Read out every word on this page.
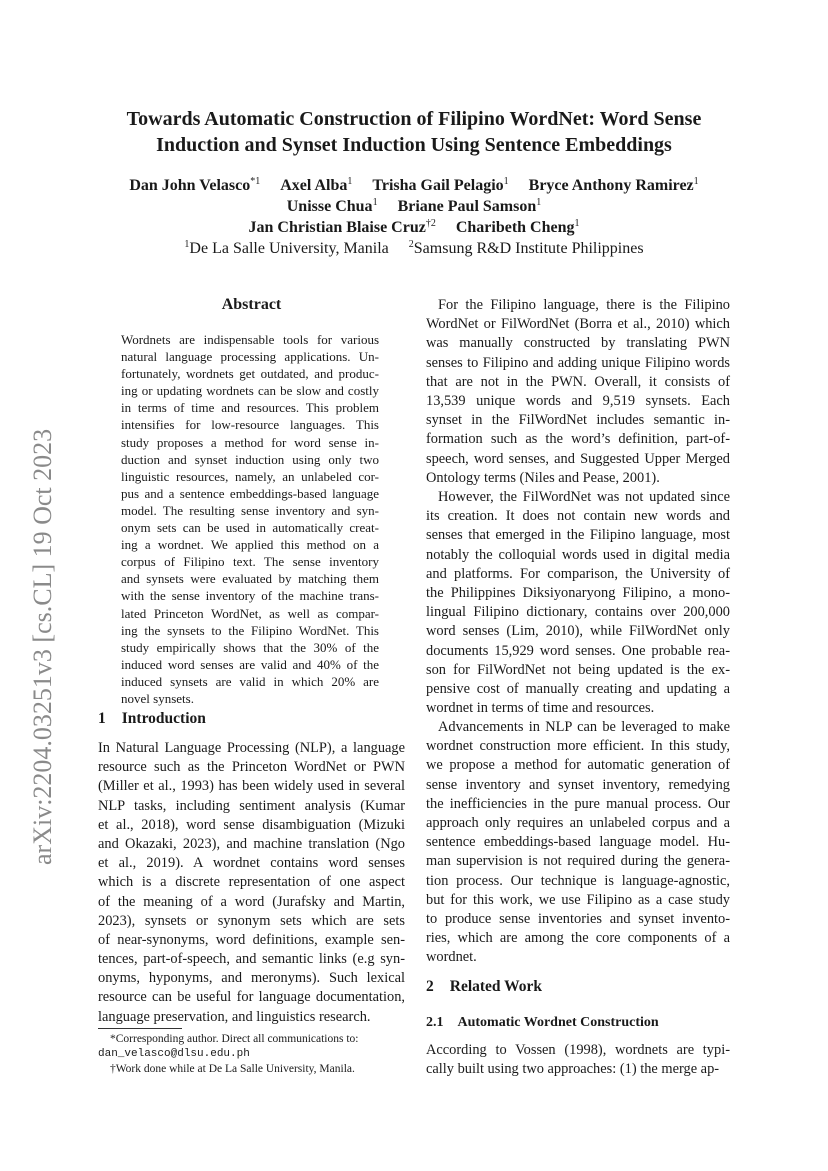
arXiv:2204.03251v3 [cs.CL] 19 Oct 2023
Towards Automatic Construction of Filipino WordNet: Word Sense
Induction and Synset Induction Using Sentence Embeddings
Dan John Velasco$^{*1}$ Axel Alba$^1$ Trisha Gail Pelagio$^1$ Bryce Anthony Ramirez$^1$
Unisse Chua$^1$ Briane Paul Samson$^1$
Jan Christian Blaise Cruz$^{\dagger 2}$ Charibeth Cheng$^1$
$^1$De La Salle University, Manila $^2$Samsung R&D Institute Philippines
Abstract
Wordnets are indispensable tools for various
natural language processing applications. Un-
fortunately, wordnets get outdated, and produc-
ing or updating wordnets can be slow and costly
in terms of time and resources. This problem
intensifies for low-resource languages. This
study proposes a method for word sense in-
duction and synset induction using only two
linguistic resources, namely, an unlabeled cor-
pus and a sentence embeddings-based language
model. The resulting sense inventory and syn-
onym sets can be used in automatically creat-
ing a wordnet. We applied this method on a
corpus of Filipino text. The sense inventory
and synsets were evaluated by matching them
with the sense inventory of the machine trans-
lated Princeton WordNet, as well as compar-
ing the synsets to the Filipino WordNet. This
study empirically shows that the 30% of the
induced word senses are valid and 40% of the
induced synsets are valid in which 20% are
novel synsets.
1 Introduction
In Natural Language Processing (NLP), a language
resource such as the Princeton WordNet or PWN
(Miller et al., 1993) has been widely used in several
NLP tasks, including sentiment analysis (Kumar
et al., 2018), word sense disambiguation (Mizuki
and Okazaki, 2023), and machine translation (Ngo
et al., 2019). A wordnet contains word senses
which is a discrete representation of one aspect
of the meaning of a word (Jurafsky and Martin,
2023), synsets or synonym sets which are sets
of near-synonyms, word definitions, example sen-
tences, part-of-speech, and semantic links (e.g syn-
onyms, hyponyms, and meronyms). Such lexical
resource can be useful for language documentation,
language preservation, and linguistics research.
*Corresponding author. Direct all communications to:
dan_velasco@dlsu.edu.ph
†Work done while at De La Salle University, Manila.
For the Filipino language, there is the Filipino
WordNet or FilWordNet (Borra et al., 2010) which
was manually constructed by translating PWN
senses to Filipino and adding unique Filipino words
that are not in the PWN. Overall, it consists of
13,539 unique words and 9,519 synsets. Each
synset in the FilWordNet includes semantic in-
formation such as the word’s definition, part-of-
speech, word senses, and Suggested Upper Merged
Ontology terms (Niles and Pease, 2001).
However, the FilWordNet was not updated since
its creation. It does not contain new words and
senses that emerged in the Filipino language, most
notably the colloquial words used in digital media
and platforms. For comparison, the University of
the Philippines Diksiyonaryong Filipino, a mono-
lingual Filipino dictionary, contains over 200,000
word senses (Lim, 2010), while FilWordNet only
documents 15,929 word senses. One probable rea-
son for FilWordNet not being updated is the ex-
pensive cost of manually creating and updating a
wordnet in terms of time and resources.
Advancements in NLP can be leveraged to make
wordnet construction more efficient. In this study,
we propose a method for automatic generation of
sense inventory and synset inventory, remedying
the inefficiencies in the pure manual process. Our
approach only requires an unlabeled corpus and a
sentence embeddings-based language model. Hu-
man supervision is not required during the genera-
tion process. Our technique is language-agnostic,
but for this work, we use Filipino as a case study
to produce sense inventories and synset invento-
ries, which are among the core components of a
wordnet.
2 Related Work
2.1 Automatic Wordnet Construction
According to Vossen (1998), wordnets are typi-
cally built using two approaches: (1) the merge ap-
